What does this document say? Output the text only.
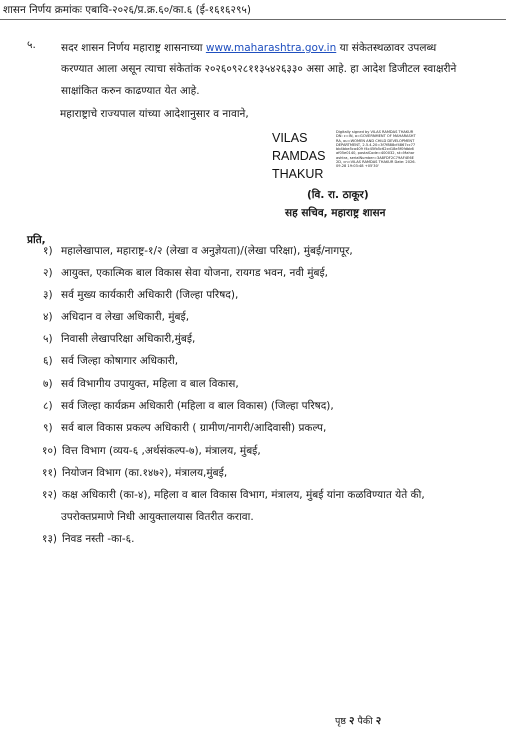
शासन निर्णय क्रमांकः एबावि-२०२६/प्र.क्र.६०/का.६ (ई-१६१६२९५)
५. सदर शासन निर्णय महाराष्ट्र शासनाच्या www.maharashtra.gov.in या संकेतस्थळावर उपलब्ध
करण्यात आला असून त्याचा संकेतांक २०२६०९२८११३५४२६३३० असा आहे. हा आदेश डिजीटल स्वाक्षरीने
साक्षांकित करुन काढण्यात येत आहे.
महाराष्ट्राचे राज्यपाल यांच्या आदेशानुसार व नावाने,
VILAS
RAMDAS
THAKUR
Digitally signed by VILAS RAMDAS THAKUR DN: c=IN, o=GOVERNMENT OF MAHARASHTRA, ou=WOMEN AND CHILD DEVELOPMENT DEPARTMENT, 2.5.4.20=3f7f888cf4867cc77bb4bbe5ca409 f4c45fb5c62cd18e5f0fdbb6af05e0140, postalCode=400032, st=Maharashtra, serialNumber=3A8FDF2C79AF4E6E2D, cn=VILAS RAMDAS THAKUR Date: 2026.09.28 19:03:48 +05'30'
(वि. रा. ठाकूर)
सह सचिव, महाराष्ट्र शासन
प्रति,
१) महालेखापाल, महाराष्ट्र-१/२ (लेखा व अनुज्ञेयता)/(लेखा परिक्षा), मुंबई/नागपूर,
२) आयुक्त, एकात्मिक बाल विकास सेवा योजना, रायगड भवन, नवी मुंबई,
३) सर्व मुख्य कार्यकारी अधिकारी (जिल्हा परिषद),
४) अधिदान व लेखा अधिकारी, मुंबई,
५) निवासी लेखापरिक्षा अधिकारी,मुंबई,
६) सर्व जिल्हा कोषागार अधिकारी,
७) सर्व विभागीय उपायुक्त, महिला व बाल विकास,
८) सर्व जिल्हा कार्यक्रम अधिकारी (महिला व बाल विकास) (जिल्हा परिषद),
९) सर्व बाल विकास प्रकल्प अधिकारी ( ग्रामीण/नागरी/आदिवासी) प्रकल्प,
१०) वित्त विभाग (व्यय-६ ,अर्थसंकल्प-७), मंत्रालय, मुंबई,
११) नियोजन विभाग (का.१४७२), मंत्रालय,मुंबई,
१२) कक्ष अधिकारी (का-४), महिला व बाल विकास विभाग, मंत्रालय, मुंबई यांना कळविण्यात येते की,
उपरोक्तप्रमाणे निधी आयुक्तालयास वितरीत करावा.
१३) निवड नस्ती -का-६.
पृष्ठ २ पैकी २
